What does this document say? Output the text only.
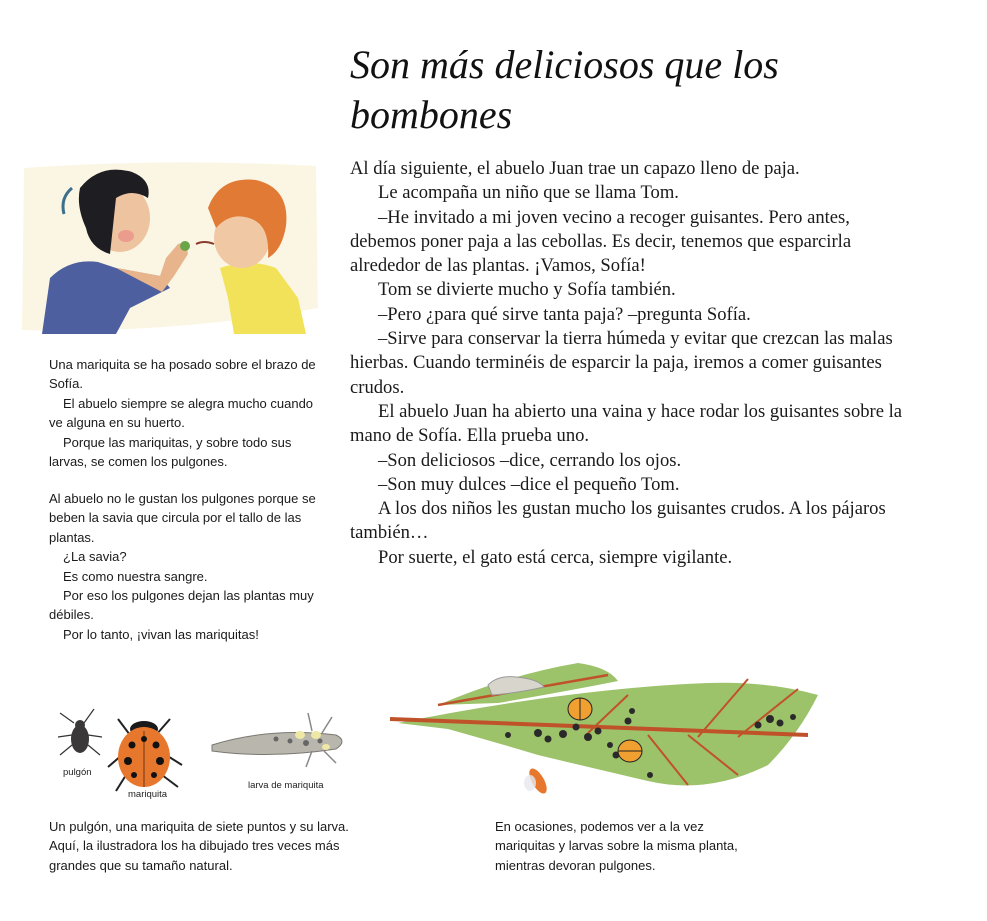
Son más deliciosos que los bombones

Al día siguiente, el abuelo Juan trae un capazo lleno de paja.

Le acompaña un niño que se llama Tom.

–He invitado a mi joven vecino a recoger guisantes. Pero antes, debemos poner paja a las cebollas. Es decir, tenemos que esparcirla alrededor de las plantas. ¡Vamos, Sofía!

Tom se divierte mucho y Sofía también.

–Pero ¿para qué sirve tanta paja? –pregunta Sofía.

–Sirve para conservar la tierra húmeda y evitar que crezcan las malas hierbas. Cuando terminéis de esparcir la paja, iremos a comer guisantes crudos.

El abuelo Juan ha abierto una vaina y hace rodar los guisantes sobre la mano de Sofía. Ella prueba uno.

–Son deliciosos –dice, cerrando los ojos.

–Son muy dulces –dice el pequeño Tom.

A los dos niños les gustan mucho los guisantes crudos. A los pájaros también…

Por suerte, el gato está cerca, siempre vigilante.

Una mariquita se ha posado sobre el brazo de Sofía.

El abuelo siempre se alegra mucho cuando ve alguna en su huerto.

Porque las mariquitas, y sobre todo sus larvas, se comen los pulgones.

Al abuelo no le gustan los pulgones porque se beben la savia que circula por el tallo de las plantas.

¿La savia?

Es como nuestra sangre.

Por eso los pulgones dejan las plantas muy débiles.

Por lo tanto, ¡vivan las mariquitas!

pulgón
mariquita
larva de mariquita

Un pulgón, una mariquita de siete puntos y su larva.

Aquí, la ilustradora los ha dibujado tres veces más

grandes que su tamaño natural.

En ocasiones, podemos ver a la vez

mariquitas y larvas sobre la misma planta,

mientras devoran pulgones.
